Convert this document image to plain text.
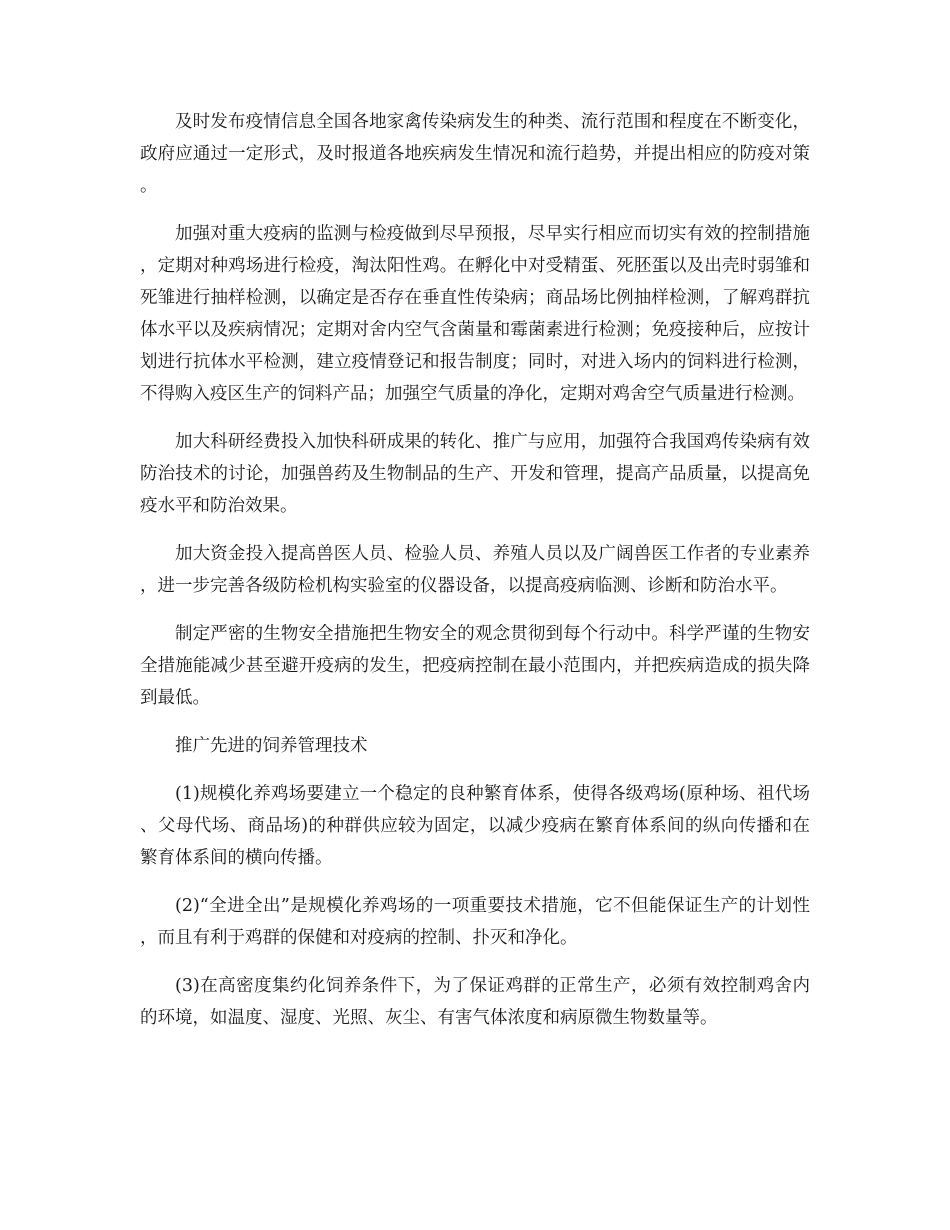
及时发布疫情信息全国各地家禽传染病发生的种类、流行范围和程度在不断变化，政府应通过一定形式，及时报道各地疾病发生情况和流行趋势，并提出相应的防疫对策。

加强对重大疫病的监测与检疫做到尽早预报，尽早实行相应而切实有效的控制措施，定期对种鸡场进行检疫，淘汰阳性鸡。在孵化中对受精蛋、死胚蛋以及出壳时弱雏和死雏进行抽样检测，以确定是否存在垂直性传染病；商品场比例抽样检测，了解鸡群抗体水平以及疾病情况；定期对舍内空气含菌量和霉菌素进行检测；免疫接种后，应按计划进行抗体水平检测，建立疫情登记和报告制度；同时，对进入场内的饲料进行检测，不得购入疫区生产的饲料产品；加强空气质量的净化，定期对鸡舍空气质量进行检测。

加大科研经费投入加快科研成果的转化、推广与应用，加强符合我国鸡传染病有效防治技术的讨论，加强兽药及生物制品的生产、开发和管理，提高产品质量，以提高免疫水平和防治效果。

加大资金投入提高兽医人员、检验人员、养殖人员以及广阔兽医工作者的专业素养，进一步完善各级防检机构实验室的仪器设备，以提高疫病临测、诊断和防治水平。

制定严密的生物安全措施把生物安全的观念贯彻到每个行动中。科学严谨的生物安全措施能减少甚至避开疫病的发生，把疫病控制在最小范围内，并把疾病造成的损失降到最低。

推广先进的饲养管理技术

(1)规模化养鸡场要建立一个稳定的良种繁育体系，使得各级鸡场(原种场、祖代场、父母代场、商品场)的种群供应较为固定，以减少疫病在繁育体系间的纵向传播和在繁育体系间的横向传播。

(2)“全进全出”是规模化养鸡场的一项重要技术措施，它不但能保证生产的计划性，而且有利于鸡群的保健和对疫病的控制、扑灭和净化。

(3)在高密度集约化饲养条件下，为了保证鸡群的正常生产，必须有效控制鸡舍内的环境，如温度、湿度、光照、灰尘、有害气体浓度和病原微生物数量等。
